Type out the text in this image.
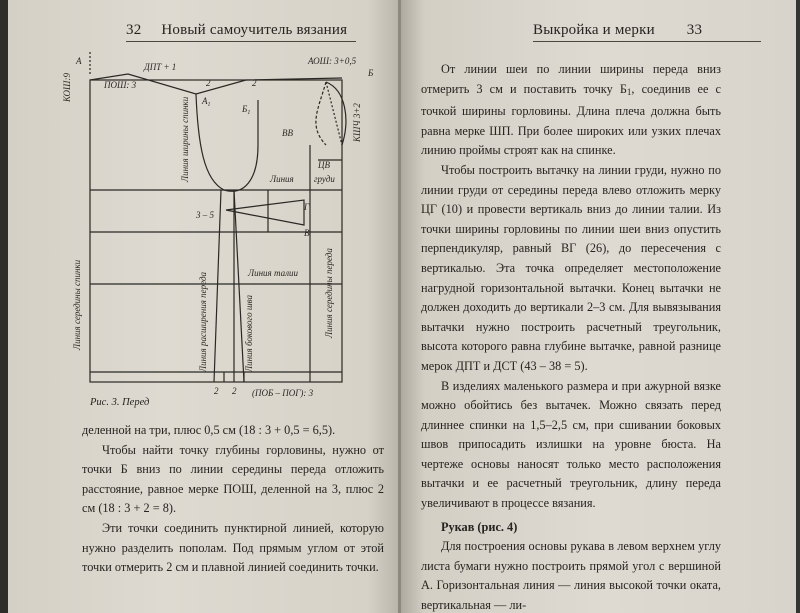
32 Новый самоучитель вязания
ДПТ + 1
АОШ: 3+0,5
А
Б
$А_1$	$Б_1$
ПОШ: 3	2	2
ВВ
Линия груди
ЦВ
3 – 5
Г
В
Линия талии
(ПОБ – ПОГ): 3
2 2
КОШ:9
КШЧ 3+2
Линия ширины спинки
Линия середины спинки	Линия середины переда
Линия расширения переда	Линия бокового шва
Рис. 3. Перед

деленной на три, плюс 0,5 см (18 : 3 + 0,5 = 6,5).

Чтобы найти точку глубины горловины, нужно от точки Б вниз по линии середины переда отложить расстояние, равное мерке ПОШ, деленной на 3, плюс 2 см (18 : 3 + 2 = 8).

Эти точки соединить пунктирной линией, которую нужно разделить пополам. Под прямым углом от этой точки отмерить 2 см и плавной линией соединить точки.

Выкройка и мерки 33

От линии шеи по линии ширины переда вниз отмерить 3 см и поставить точку $Б_1$, соединив ее с точкой ширины горловины. Длина плеча должна быть равна мерке ШП. При более широких или узких плечах линию проймы строят как на спинке.

Чтобы построить вытачку на линии груди, нужно по линии груди от середины переда влево отложить мерку ЦГ (10) и провести вертикаль вниз до линии талии. Из точки ширины горловины по линии шеи вниз опустить перпендикуляр, равный ВГ (26), до пересечения с вертикалью. Эта точка определяет местоположение нагрудной горизонтальной вытачки. Конец вытачки не должен доходить до вертикали 2–3 см. Для вывязывания вытачки нужно построить расчетный треугольник, высота которого равна глубине вытачке, равной разнице мерок ДПТ и ДСТ (43 – 38 = 5).

В изделиях маленького размера и при ажурной вязке можно обойтись без вытачек. Можно связать перед длиннее спинки на 1,5–2,5 см, при сшивании боковых швов припосадить излишки на уровне бюста. На чертеже основы наносят только место расположения вытачки и ее расчетный треугольник, длину переда увеличивают в процессе вязания.

Рукав (рис. 4)

Для построения основы рукава в левом верхнем углу листа бумаги нужно построить прямой угол с вершиной А. Горизонтальная линия — линия высокой точки оката, вертикальная — ли-
